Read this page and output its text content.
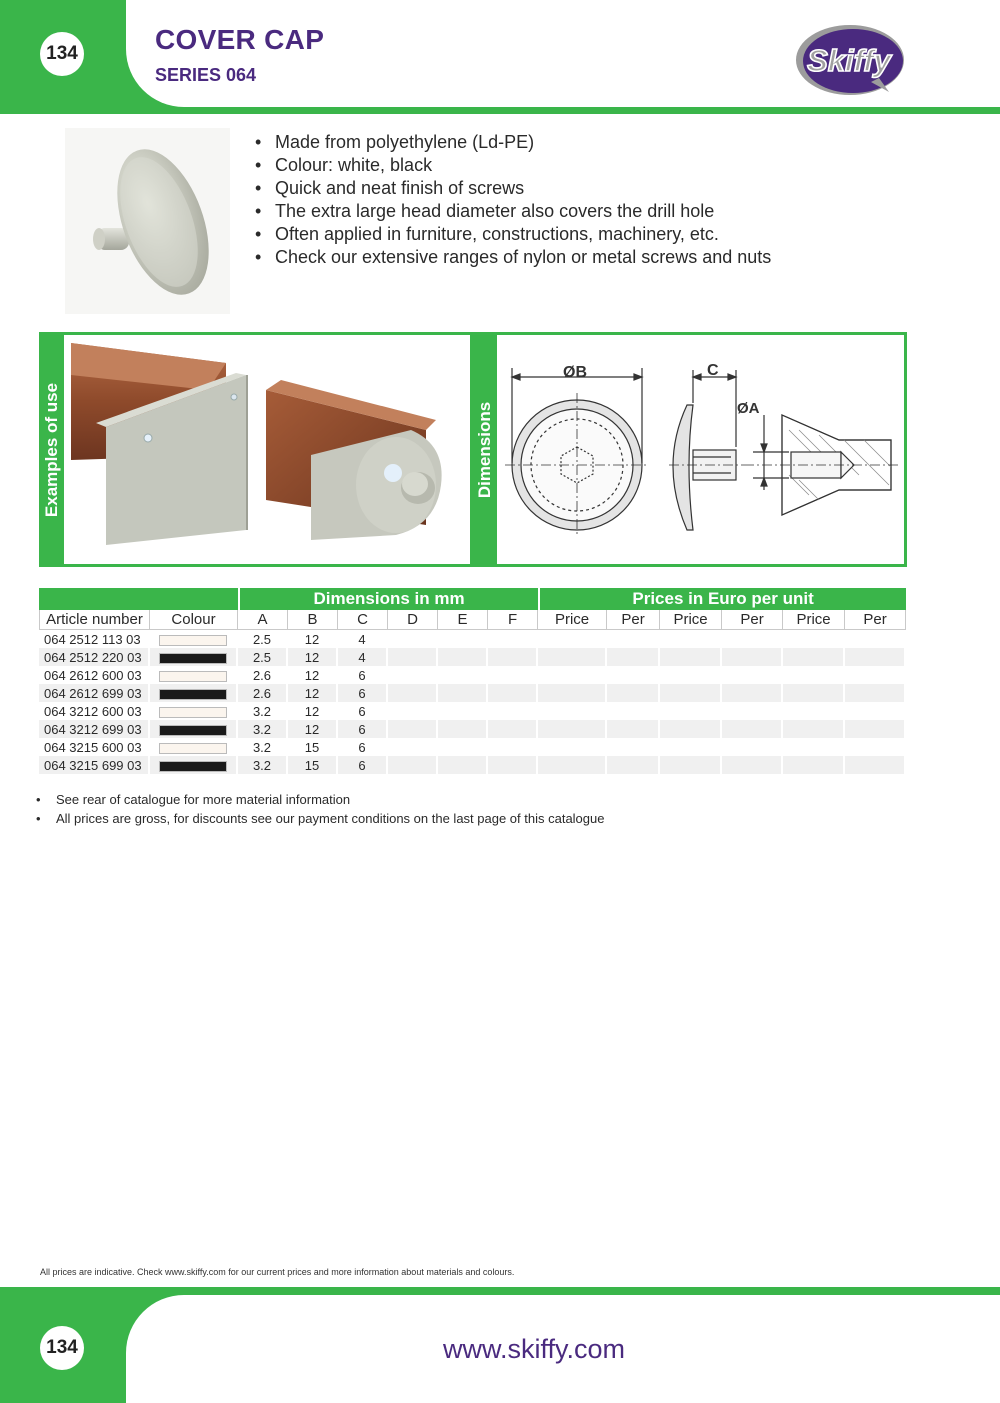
134	COVER CAP
SERIES 064	Skiffy
• Made from polyethylene (Ld-PE)
• Colour: white, black
• Quick and neat finish of screws
• The extra large head diameter also covers the drill hole
• Often applied in furniture, constructions, machinery, etc.
• Check our extensive ranges of nylon or metal screws and nuts
Examples of use	Dimensions
ØB	C
ØA
		Dimensions in mm						Prices in Euro per unit					
Article number	Colour	A	B	C	D	E	F	Price	Per	Price	Per	Price	Per
064 2512 113 03		2.5	12	4									
064 2512 220 03		2.5	12	4									
064 2612 600 03		2.6	12	6									
064 2612 699 03		2.6	12	6									
064 3212 600 03		3.2	12	6									
064 3212 699 03		3.2	12	6									
064 3215 600 03		3.2	15	6									
064 3215 699 03		3.2	15	6									
• See rear of catalogue for more material information
• All prices are gross, for discounts see our payment conditions on the last page of this catalogue
All prices are indicative. Check www.skiffy.com for our current prices and more information about materials and colours.
134	www.skiffy.com
